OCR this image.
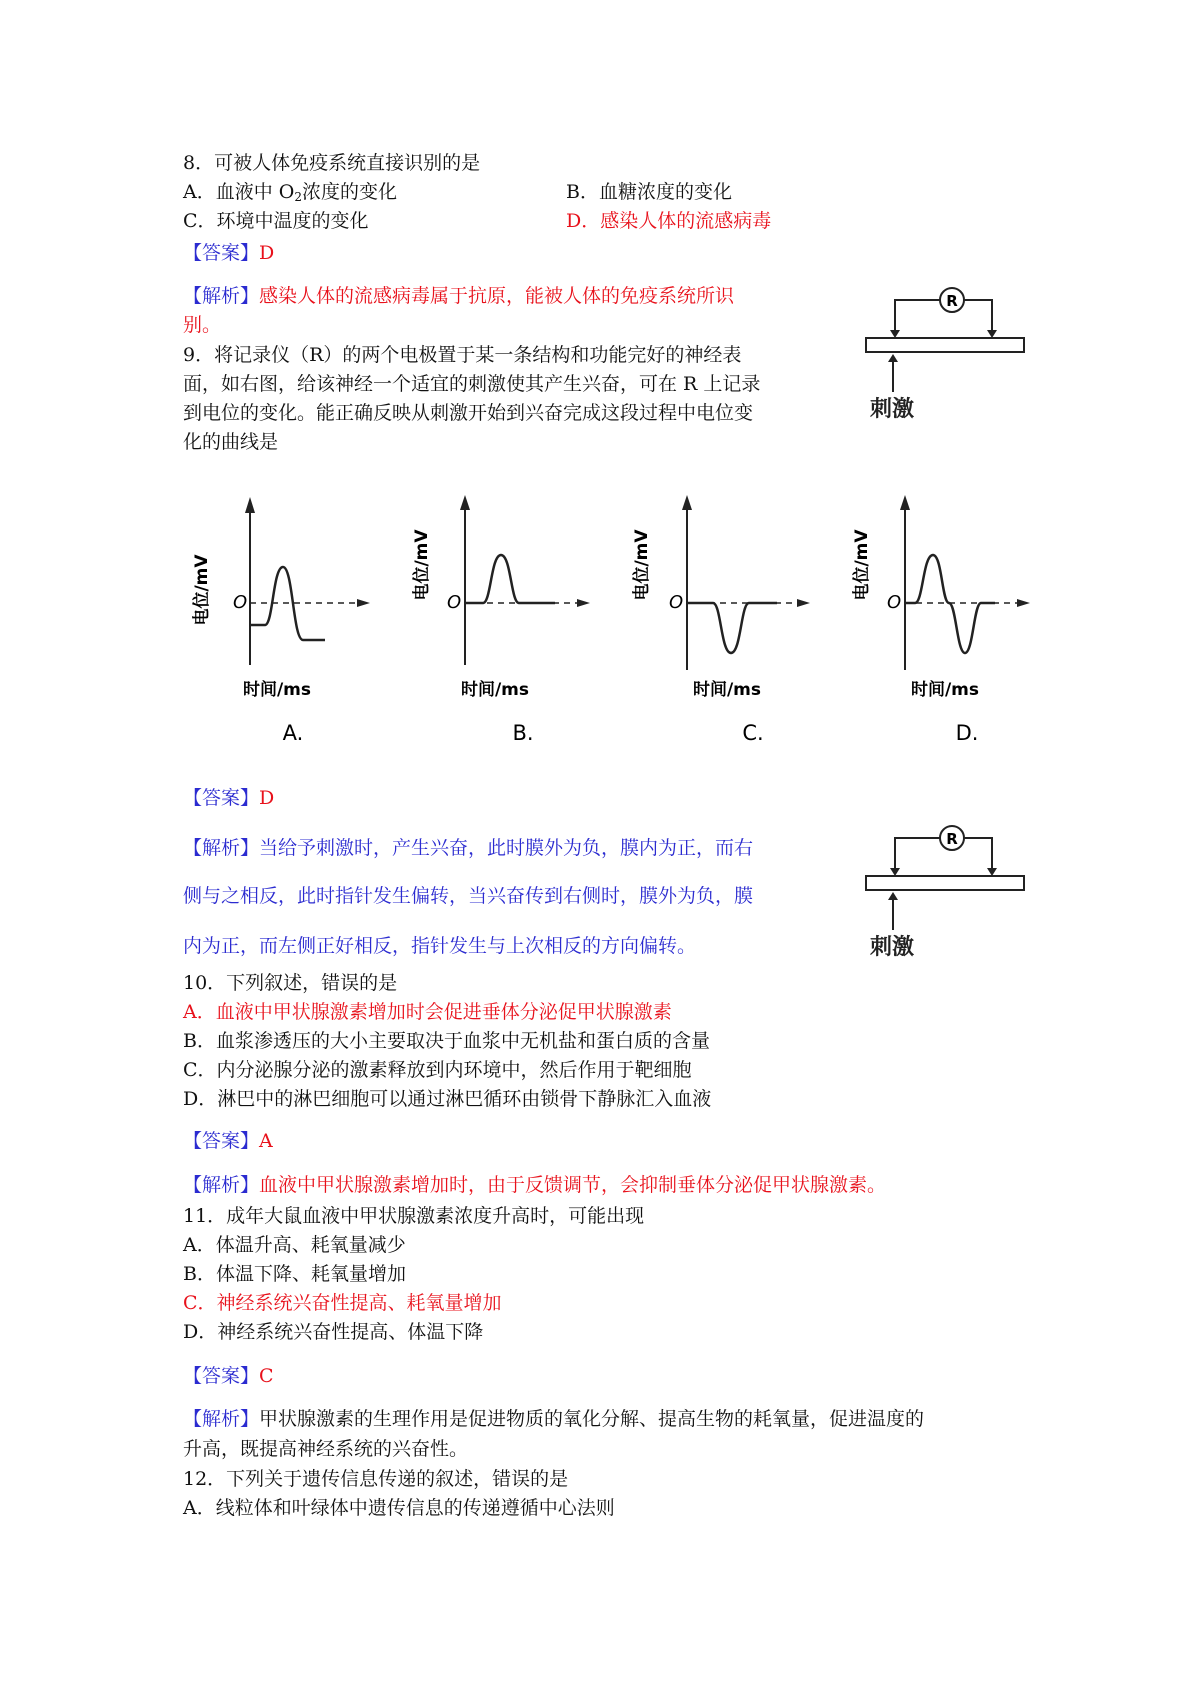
8．可被人体免疫系统直接识别的是
A．血液中 $O_2$浓度的变化	B．血糖浓度的变化
C．环境中温度的变化	D．感染人体的流感病毒
【答案】D
【解析】感染人体的流感病毒属于抗原，能被人体的免疫系统所识
别。
R
刺激
9．将记录仪（R）的两个电极置于某一条结构和功能完好的神经表
面，如右图，给该神经一个适宜的刺激使其产生兴奋，可在 R 上记录
到电位的变化。能正确反映从刺激开始到兴奋完成这段过程中电位变
化的曲线是
O
电位/mV
时间/ms
A.
O
电位/mV
时间/ms
B.
O
电位/mV
时间/ms
C.
O
电位/mV
时间/ms
D.
【答案】D
【解析】当给予刺激时，产生兴奋，此时膜外为负，膜内为正，而右
侧与之相反，此时指针发生偏转，当兴奋传到右侧时，膜外为负，膜
内为正，而左侧正好相反，指针发生与上次相反的方向偏转。
R
刺激
10．下列叙述，错误的是
A．血液中甲状腺激素增加时会促进垂体分泌促甲状腺激素
B．血浆渗透压的大小主要取决于血浆中无机盐和蛋白质的含量
C．内分泌腺分泌的激素释放到内环境中，然后作用于靶细胞
D．淋巴中的淋巴细胞可以通过淋巴循环由锁骨下静脉汇入血液
【答案】A
【解析】血液中甲状腺激素增加时，由于反馈调节，会抑制垂体分泌促甲状腺激素。
11．成年大鼠血液中甲状腺激素浓度升高时，可能出现
A．体温升高、耗氧量减少
B．体温下降、耗氧量增加
C．神经系统兴奋性提高、耗氧量增加
D．神经系统兴奋性提高、体温下降
【答案】C
【解析】甲状腺激素的生理作用是促进物质的氧化分解、提高生物的耗氧量，促进温度的
升高，既提高神经系统的兴奋性。
12．下列关于遗传信息传递的叙述，错误的是
A．线粒体和叶绿体中遗传信息的传递遵循中心法则
